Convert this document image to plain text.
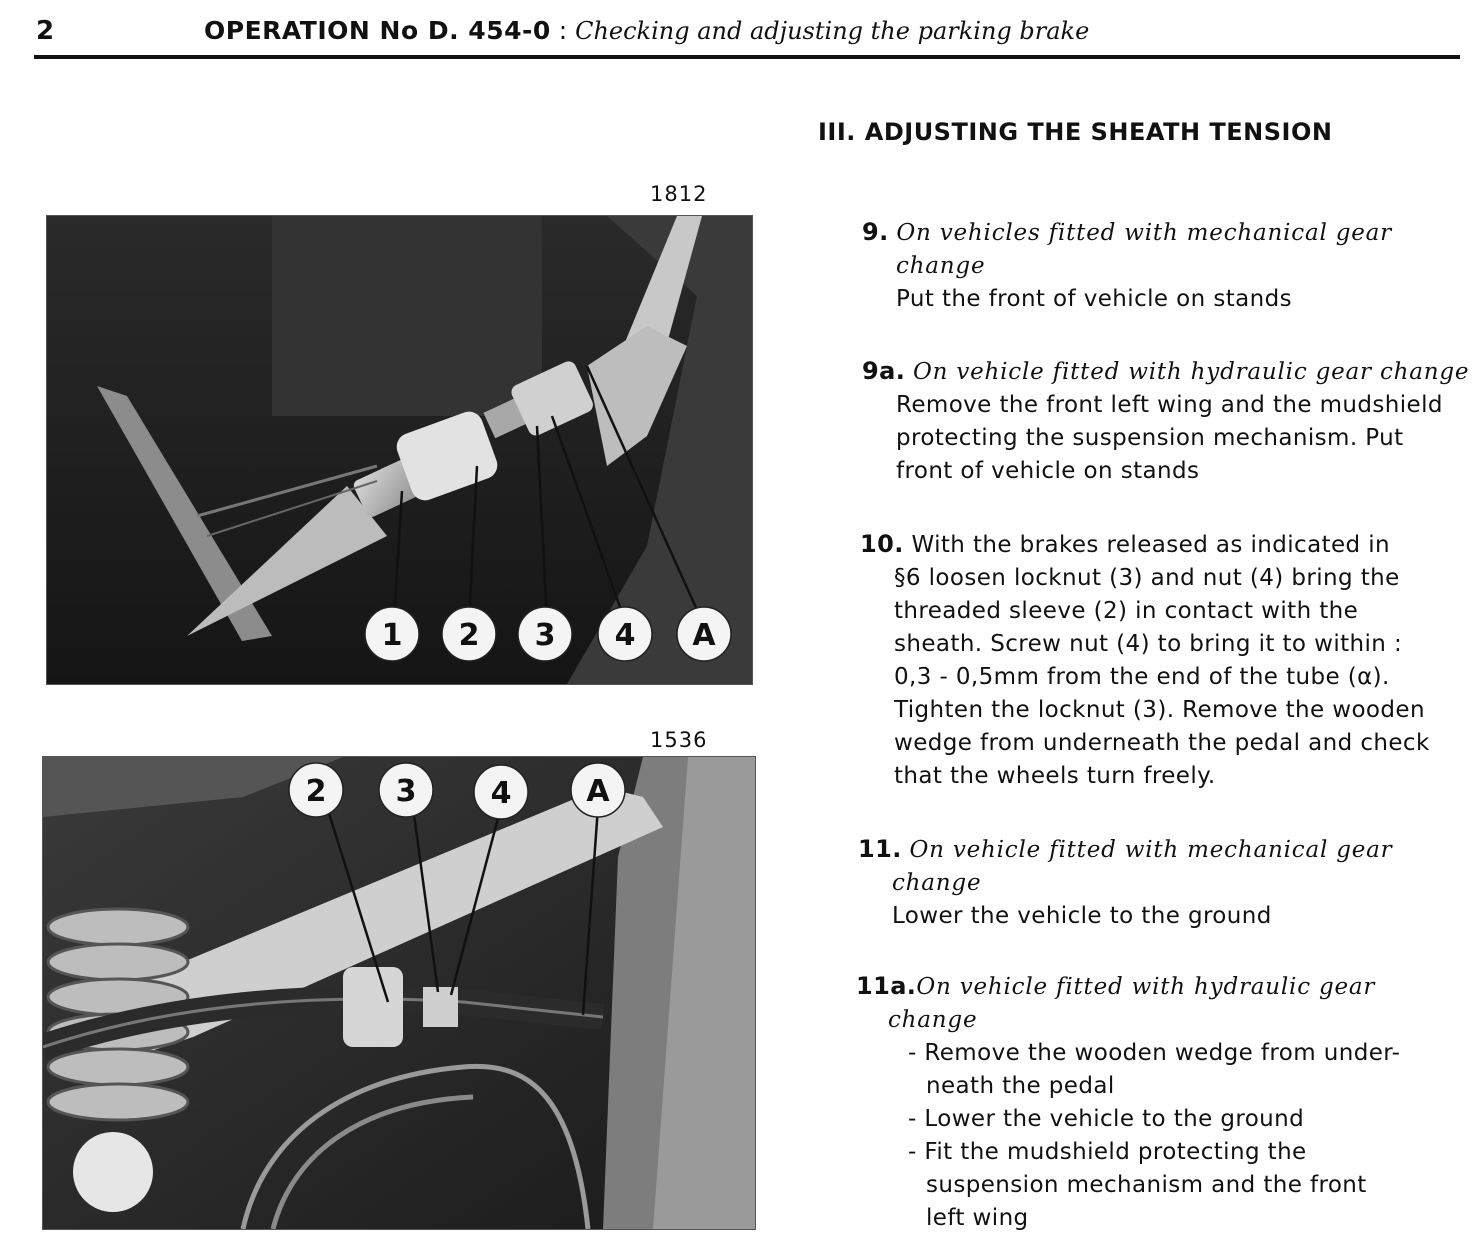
2	OPERATION No D. 454-0 : Checking and adjusting the parking brake
1812
1 2 3 4 A
1536
2 3 4 A
III. ADJUSTING THE SHEATH TENSION
9. On vehicles fitted with mechanical gear
change
Put the front of vehicle on stands
9a. On vehicle fitted with hydraulic gear change
Remove the front left wing and the mudshield
protecting the suspension mechanism. Put
front of vehicle on stands
10. With the brakes released as indicated in
§6 loosen locknut (3) and nut (4) bring the
threaded sleeve (2) in contact with the
sheath. Screw nut (4) to bring it to within :
0,3 - 0,5mm from the end of the tube (α).
Tighten the locknut (3). Remove the wooden
wedge from underneath the pedal and check
that the wheels turn freely.
11. On vehicle fitted with mechanical gear
change
Lower the vehicle to the ground
11a.On vehicle fitted with hydraulic gear
change
- Remove the wooden wedge from under-
neath the pedal
- Lower the vehicle to the ground
- Fit the mudshield protecting the
suspension mechanism and the front
left wing
